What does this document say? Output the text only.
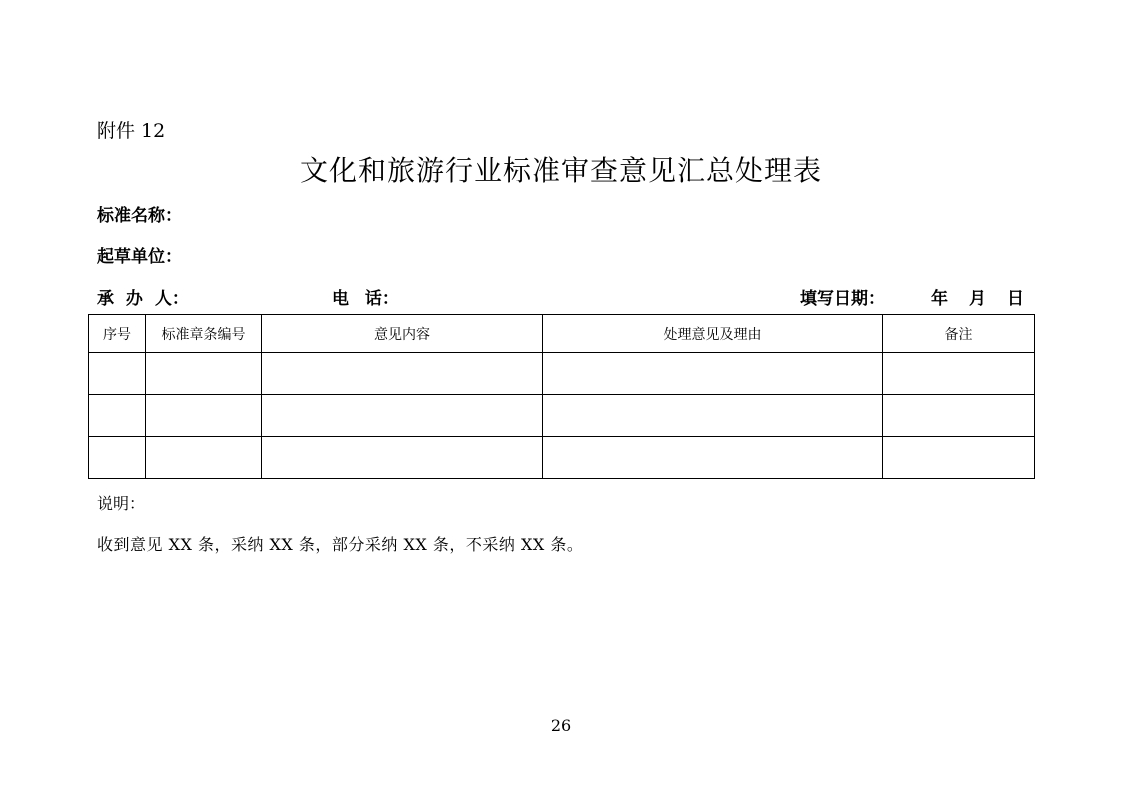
附件 12
文化和旅游行业标准审查意见汇总处理表
标准名称：
起草单位：
承 办 人：	电 话：	填写日期：	年 月 日
序号	标准章条编号	意见内容	处理意见及理由	备注

说明：
收到意见 XX 条，采纳 XX 条，部分采纳 XX 条，不采纳 XX 条。
26
